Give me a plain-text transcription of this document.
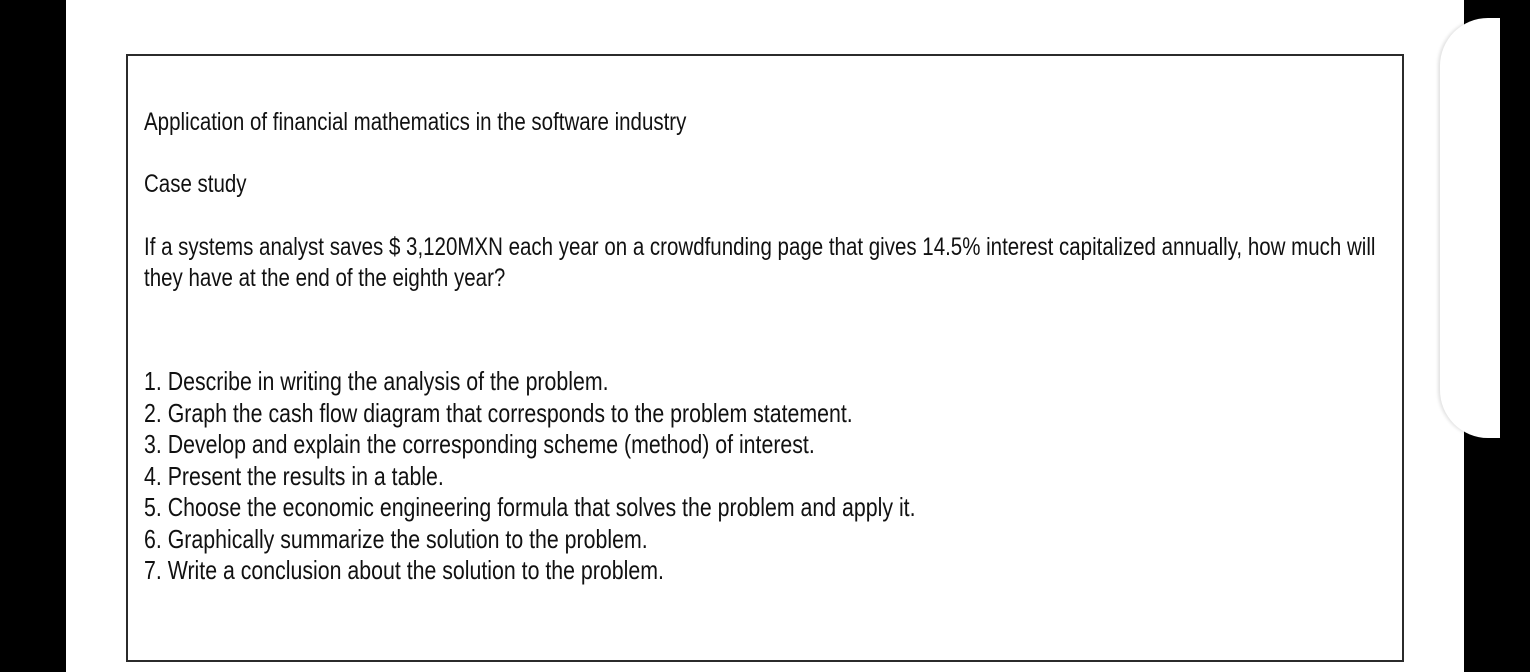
Application of financial mathematics in the software industry

Case study

If a systems analyst saves $ 3,120MXN each year on a crowdfunding page that gives 14.5% interest capitalized annually, how much will they have at the end of the eighth year?

1. Describe in writing the analysis of the problem.
2. Graph the cash flow diagram that corresponds to the problem statement.
3. Develop and explain the corresponding scheme (method) of interest.
4. Present the results in a table.
5. Choose the economic engineering formula that solves the problem and apply it.
6. Graphically summarize the solution to the problem.
7. Write a conclusion about the solution to the problem.
